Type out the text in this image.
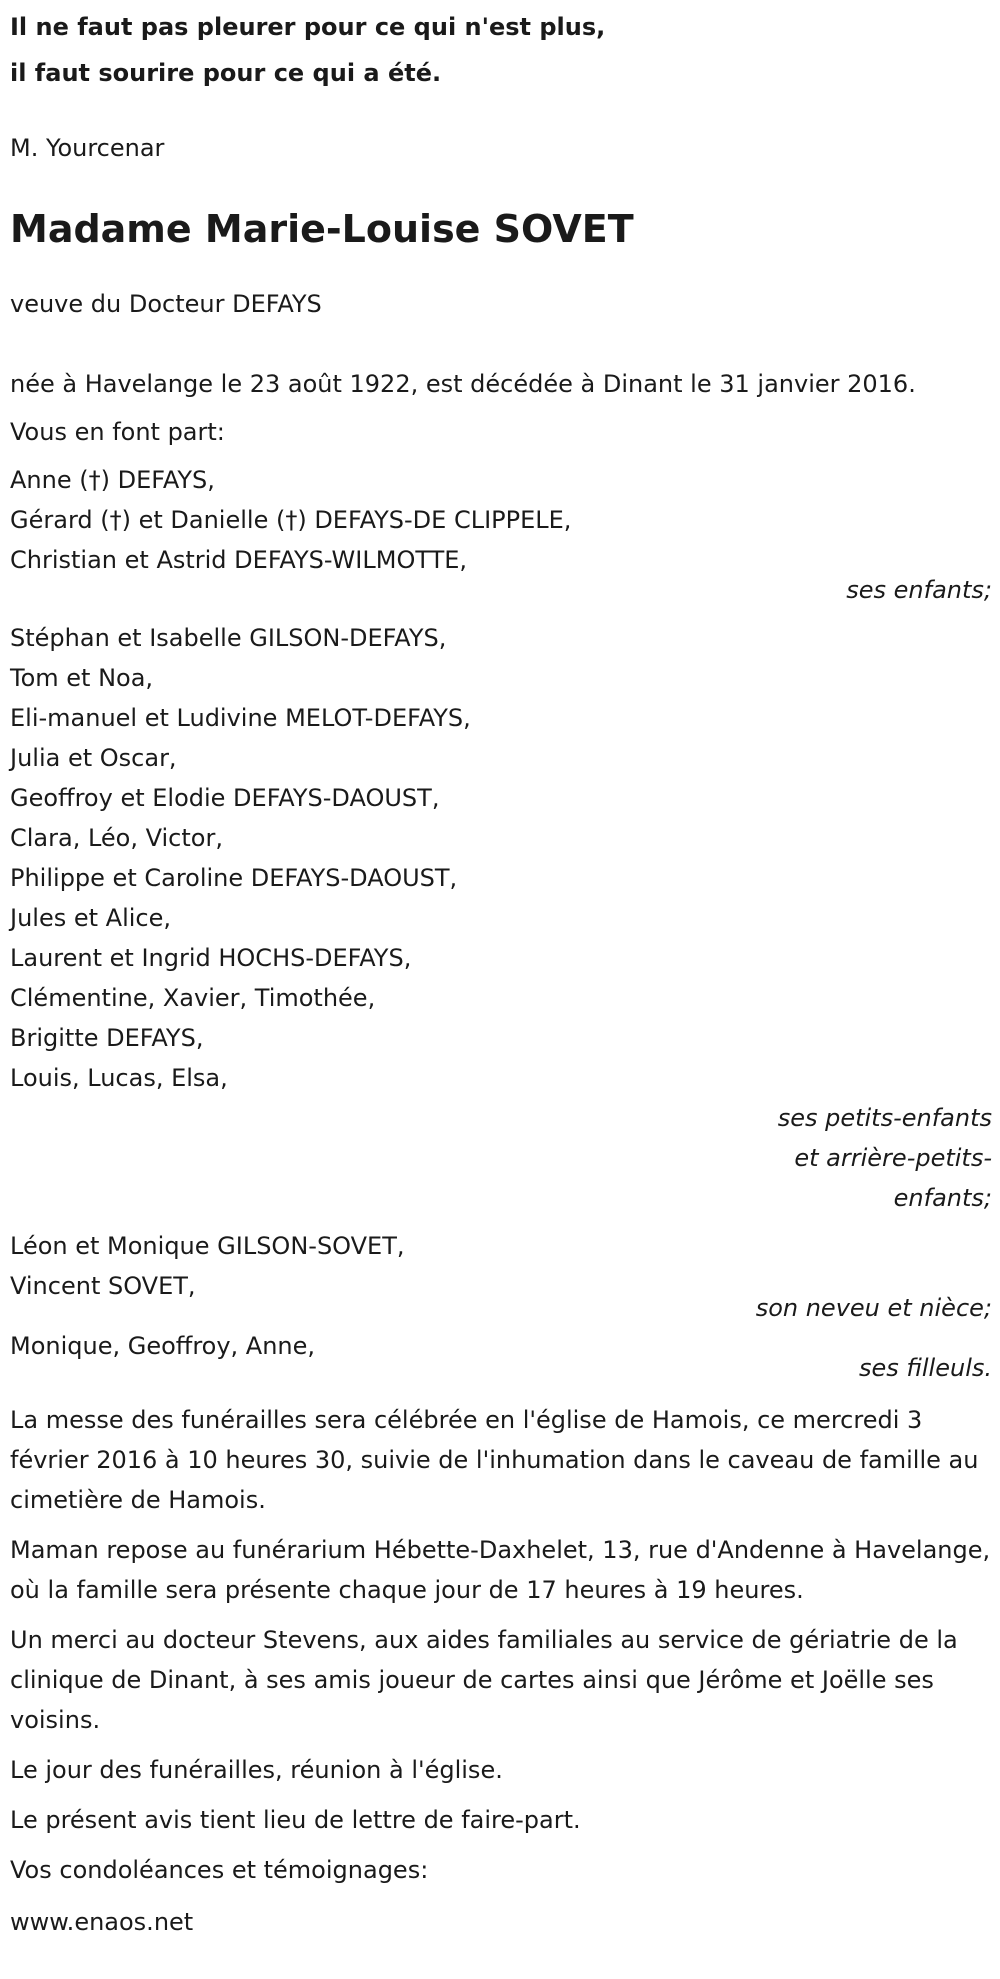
Il ne faut pas pleurer pour ce qui n'est plus,

il faut sourire pour ce qui a été.

M. Yourcenar

Madame Marie-Louise SOVET

veuve du Docteur DEFAYS

née à Havelange le 23 août 1922, est décédée à Dinant le 31 janvier 2016.

Vous en font part:

Anne (†) DEFAYS,

Gérard (†) et Danielle (†) DEFAYS-DE CLIPPELE,

Christian et Astrid DEFAYS-WILMOTTE,

ses enfants;

Stéphan et Isabelle GILSON-DEFAYS,

Tom et Noa,

Eli-manuel et Ludivine MELOT-DEFAYS,

Julia et Oscar,

Geoffroy et Elodie DEFAYS-DAOUST,

Clara, Léo, Victor,

Philippe et Caroline DEFAYS-DAOUST,

Jules et Alice,

Laurent et Ingrid HOCHS-DEFAYS,

Clémentine, Xavier, Timothée,

Brigitte DEFAYS,

Louis, Lucas, Elsa,

ses petits-enfants

et arrière-petits-

enfants;

Léon et Monique GILSON-SOVET,

Vincent SOVET,

son neveu et nièce;

Monique, Geoffroy, Anne,

ses filleuls.

La messe des funérailles sera célébrée en l'église de Hamois, ce mercredi 3 février 2016 à 10 heures 30, suivie de l'inhumation dans le caveau de famille au cimetière de Hamois.

Maman repose au funérarium Hébette-Daxhelet, 13, rue d'Andenne à Havelange, où la famille sera présente chaque jour de 17 heures à 19 heures.

Un merci au docteur Stevens, aux aides familiales au service de gériatrie de la clinique de Dinant, à ses amis joueur de cartes ainsi que Jérôme et Joëlle ses voisins.

Le jour des funérailles, réunion à l'église.

Le présent avis tient lieu de lettre de faire-part.

Vos condoléances et témoignages:

www.enaos.net
